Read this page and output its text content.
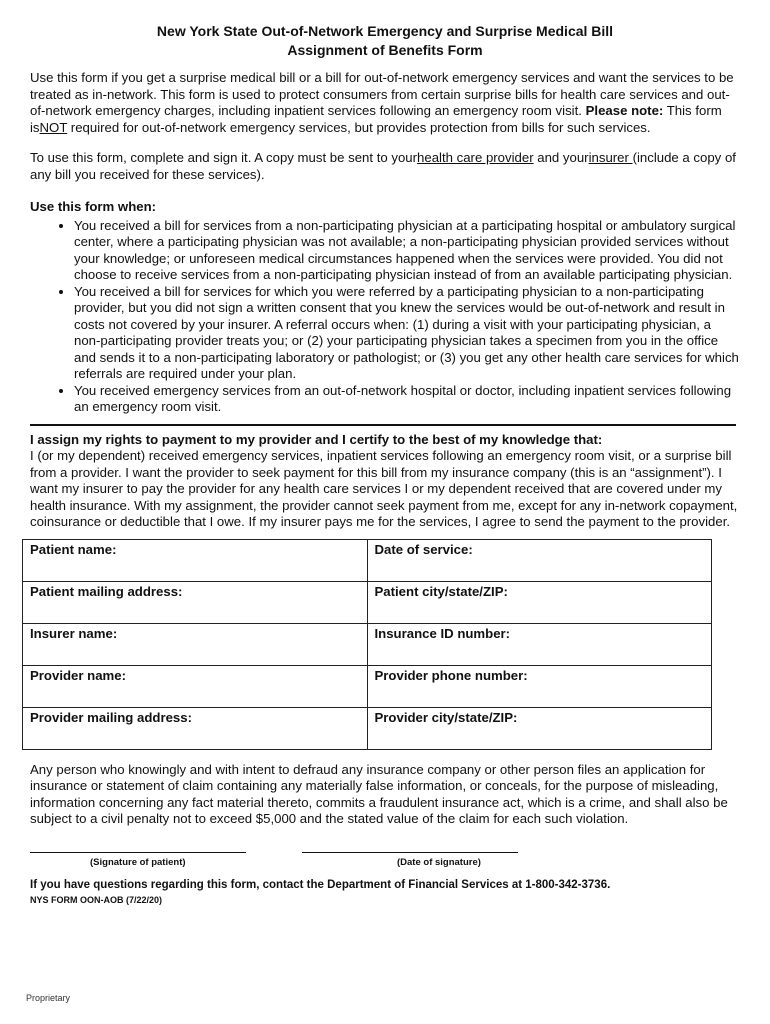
New York State Out-of-Network Emergency and Surprise Medical Bill
Assignment of Benefits Form

Use this form if you get a surprise medical bill or a bill for out-of-network emergency services and want the services to be treated as in-network. This form is used to protect consumers from certain surprise bills for health care services and out-of-network emergency charges, including inpatient services following an emergency room visit. Please note: This form isNOT required for out-of-network emergency services, but provides protection from bills for such services.

To use this form, complete and sign it. A copy must be sent to yourhealth care provider and yourinsurer (include a copy of any bill you received for these services).

Use this form when:
• You received a bill for services from a non-participating physician at a participating hospital or ambulatory surgical center, where a participating physician was not available; a non-participating physician provided services without your knowledge; or unforeseen medical circumstances happened when the services were provided. You did not choose to receive services from a non-participating physician instead of from an available participating physician.
• You received a bill for services for which you were referred by a participating physician to a non-participating provider, but you did not sign a written consent that you knew the services would be out-of-network and result in costs not covered by your insurer. A referral occurs when: (1) during a visit with your participating physician, a non-participating provider treats you; or (2) your participating physician takes a specimen from you in the office and sends it to a non-participating laboratory or pathologist; or (3) you get any other health care services for which referrals are required under your plan.
• You received emergency services from an out-of-network hospital or doctor, including inpatient services following an emergency room visit.
I assign my rights to payment to my provider and I certify to the best of my knowledge that:

I (or my dependent) received emergency services, inpatient services following an emergency room visit, or a surprise bill from a provider. I want the provider to seek payment for this bill from my insurance company (this is an “assignment”). I want my insurer to pay the provider for any health care services I or my dependent received that are covered under my health insurance. With my assignment, the provider cannot seek payment from me, except for any in-network copayment, coinsurance or deductible that I owe. If my insurer pays me for the services, I agree to send the payment to the provider.

Patient name:	Date of service:

Patient mailing address:	Patient city/state/ZIP:

Insurer name:	Insurance ID number:

Provider name:	Provider phone number:

Provider mailing address:	Provider city/state/ZIP:

Any person who knowingly and with intent to defraud any insurance company or other person files an application for insurance or statement of claim containing any materially false information, or conceals, for the purpose of misleading, information concerning any fact material thereto, commits a fraudulent insurance act, which is a crime, and shall also be subject to a civil penalty not to exceed $5,000 and the stated value of the claim for each such violation.

(Signature of patient)	(Date of signature)
If you have questions regarding this form, contact the Department of Financial Services at 1-800-342-3736.
NYS FORM OON-AOB (7/22/20)
Proprietary
